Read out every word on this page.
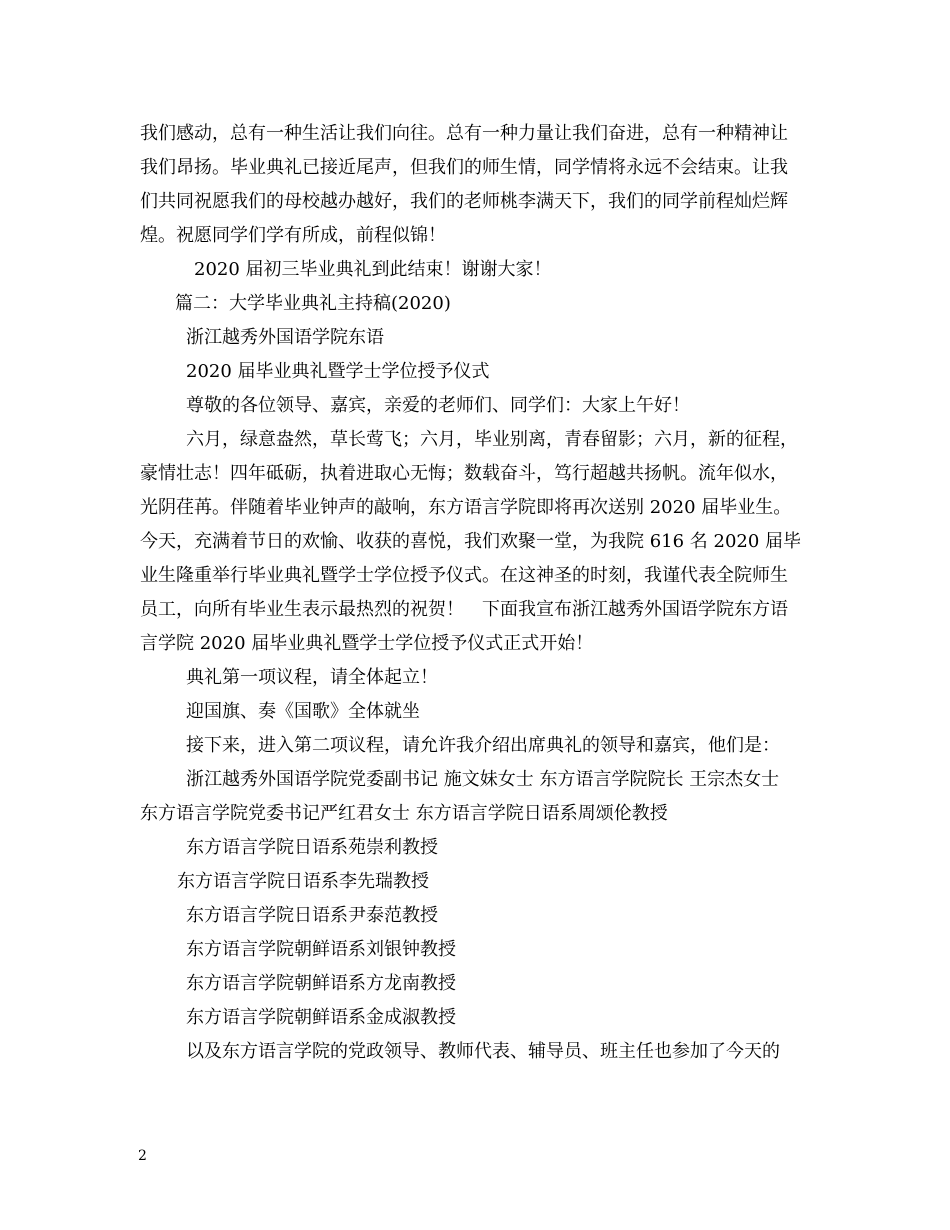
我们感动，总有一种生活让我们向往。总有一种力量让我们奋进，总有一种精神让
我们昂扬。毕业典礼已接近尾声，但我们的师生情，同学情将永远不会结束。让我
们共同祝愿我们的母校越办越好，我们的老师桃李满天下，我们的同学前程灿烂辉
煌。祝愿同学们学有所成，前程似锦！
2020 届初三毕业典礼到此结束！谢谢大家！
篇二：大学毕业典礼主持稿(2020)
浙江越秀外国语学院东语
2020 届毕业典礼暨学士学位授予仪式
尊敬的各位领导、嘉宾，亲爱的老师们、同学们：大家上午好！
六月，绿意盎然，草长莺飞；六月，毕业别离，青春留影；六月，新的征程，
豪情壮志！四年砥砺，执着进取心无悔；数载奋斗，笃行超越共扬帆。流年似水，
光阴荏苒。伴随着毕业钟声的敲响，东方语言学院即将再次送别 2020 届毕业生。
今天，充满着节日的欢愉、收获的喜悦，我们欢聚一堂，为我院 616 名 2020 届毕
业生隆重举行毕业典礼暨学士学位授予仪式。在这神圣的时刻，我谨代表全院师生
员工，向所有毕业生表示最热烈的祝贺！　下面我宣布浙江越秀外国语学院东方语
言学院 2020 届毕业典礼暨学士学位授予仪式正式开始！
典礼第一项议程，请全体起立！
迎国旗、奏《国歌》全体就坐
接下来，进入第二项议程，请允许我介绍出席典礼的领导和嘉宾，他们是：
浙江越秀外国语学院党委副书记 施文妹女士 东方语言学院院长 王宗杰女士
东方语言学院党委书记严红君女士 东方语言学院日语系周颂伦教授
东方语言学院日语系苑崇利教授
东方语言学院日语系李先瑞教授
东方语言学院日语系尹泰范教授
东方语言学院朝鲜语系刘银钟教授
东方语言学院朝鲜语系方龙南教授
东方语言学院朝鲜语系金成淑教授
以及东方语言学院的党政领导、教师代表、辅导员、班主任也参加了今天的
2
